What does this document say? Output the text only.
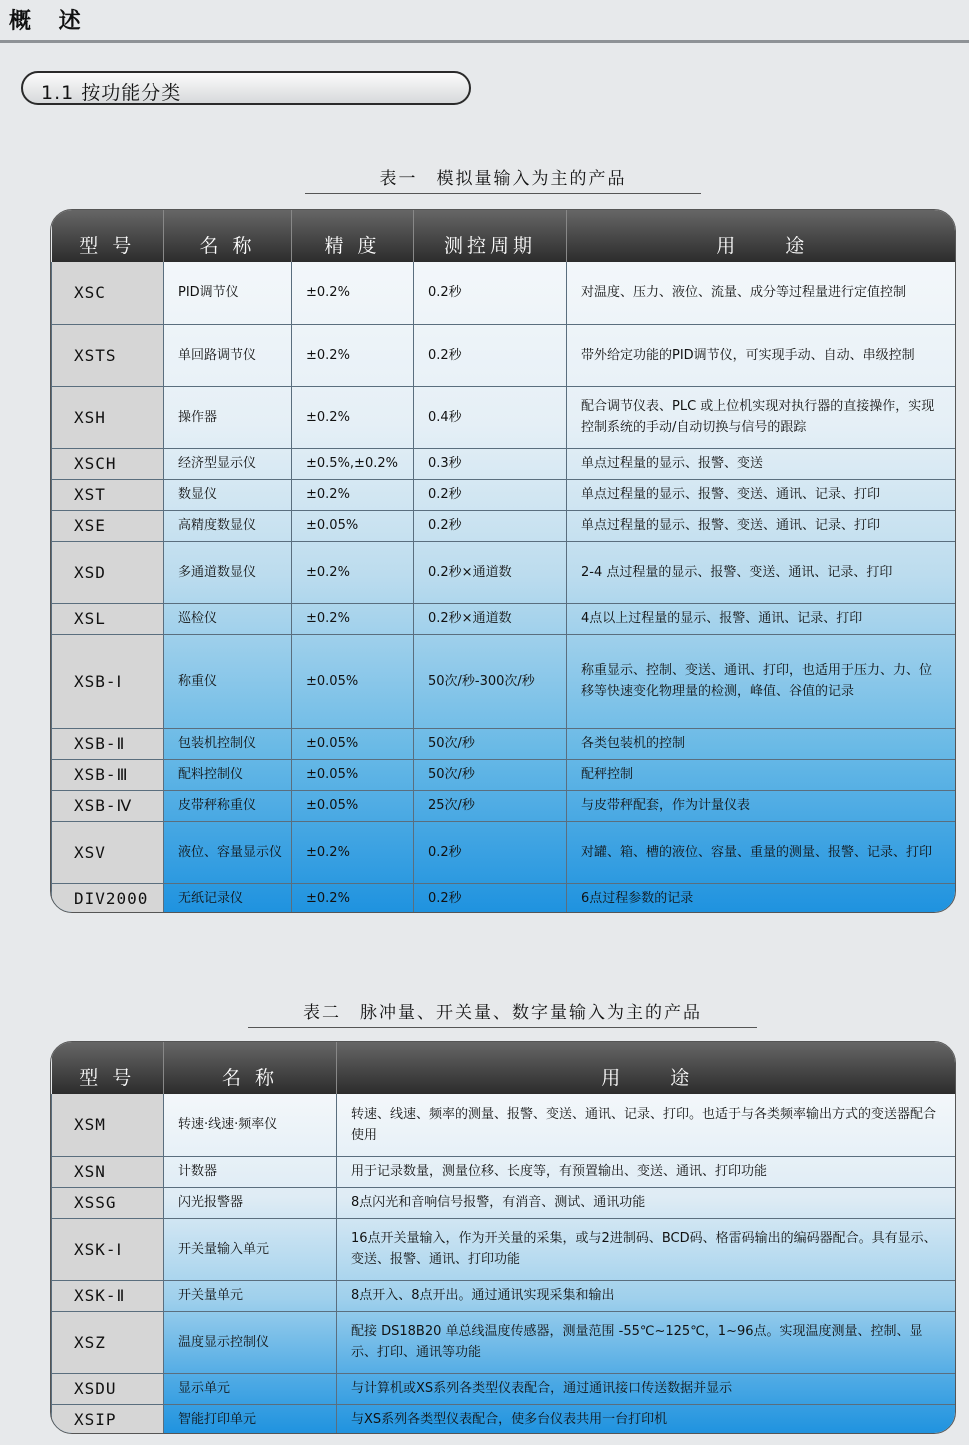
概 述
1.1 按功能分类
表一　模拟量输入为主的产品
型 号	名 称	精 度	测控周期	用　　途
XSC	PID调节仪	±0.2%	0.2秒	对温度、压力、液位、流量、成分等过程量进行定值控制
XSTS	单回路调节仪	±0.2%	0.2秒	带外给定功能的PID调节仪，可实现手动、自动、串级控制
XSH	操作器	±0.2%	0.4秒	配合调节仪表、PLC 或上位机实现对执行器的直接操作，实现控制系统的手动/自动切换与信号的跟踪
XSCH	经济型显示仪	±0.5%,±0.2%	0.3秒	单点过程量的显示、报警、变送
XST	数显仪	±0.2%	0.2秒	单点过程量的显示、报警、变送、通讯、记录、打印
XSE	高精度数显仪	±0.05%	0.2秒	单点过程量的显示、报警、变送、通讯、记录、打印
XSD	多通道数显仪	±0.2%	0.2秒×通道数	2-4 点过程量的显示、报警、变送、通讯、记录、打印
XSL	巡检仪	±0.2%	0.2秒×通道数	4点以上过程量的显示、报警、通讯、记录、打印
XSB-Ⅰ	称重仪	±0.05%	50次/秒-300次/秒	称重显示、控制、变送、通讯、打印，也适用于压力、力、位移等快速变化物理量的检测，峰值、谷值的记录
XSB-Ⅱ	包装机控制仪	±0.05%	50次/秒	各类包装机的控制
XSB-Ⅲ	配料控制仪	±0.05%	50次/秒	配秤控制
XSB-Ⅳ	皮带秤称重仪	±0.05%	25次/秒	与皮带秤配套，作为计量仪表
XSV	液位、容量显示仪	±0.2%	0.2秒	对罐、箱、槽的液位、容量、重量的测量、报警、记录、打印
DIV2000	无纸记录仪	±0.2%	0.2秒	6点过程参数的记录
表二　脉冲量、开关量、数字量输入为主的产品
型 号	名 称	用　　途
XSM	转速·线速·频率仪	转速、线速、频率的测量、报警、变送、通讯、记录、打印。也适于与各类频率输出方式的变送器配合使用
XSN	计数器	用于记录数量，测量位移、长度等，有预置输出、变送、通讯、打印功能
XSSG	闪光报警器	8点闪光和音响信号报警，有消音、测试、通讯功能
XSK-Ⅰ	开关量输入单元	16点开关量输入，作为开关量的采集，或与2进制码、BCD码、格雷码输出的编码器配合。具有显示、变送、报警、通讯、打印功能
XSK-Ⅱ	开关量单元	8点开入、8点开出。通过通讯实现采集和输出
XSZ	温度显示控制仪	配接 DS18B20 单总线温度传感器，测量范围 -55℃~125℃，1~96点。实现温度测量、控制、显示、打印、通讯等功能
XSDU	显示单元	与计算机或XS系列各类型仪表配合，通过通讯接口传送数据并显示
XSIP	智能打印单元	与XS系列各类型仪表配合，使多台仪表共用一台打印机
